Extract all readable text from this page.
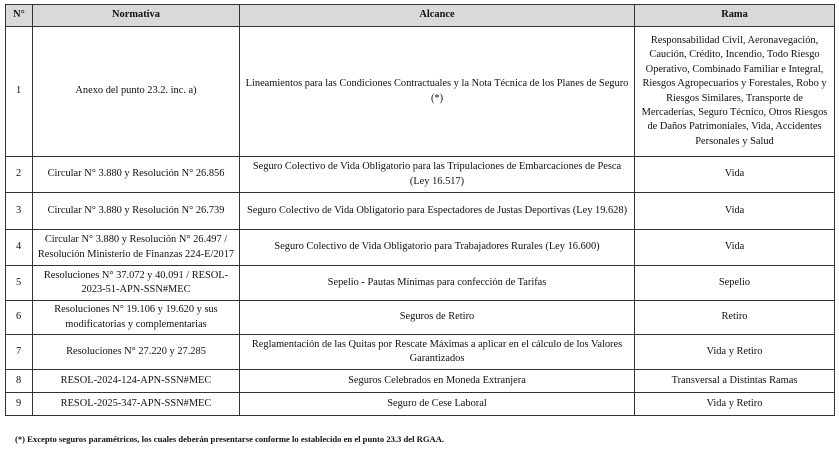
N°	Normativa	Alcance	Rama
1	Anexo del punto 23.2. inc. a)	Lineamientos para las Condiciones Contractuales y la Nota Técnica de los Planes de Seguro (*)	Responsabilidad Civil, Aeronavegación, Caución, Crédito, Incendio, Todo Riesgo Operativo, Combinado Familiar e Integral, Riesgos Agropecuarios y Forestales, Robo y Riesgos Similares, Transporte de Mercaderías, Seguro Técnico, Otros Riesgos de Daños Patrimoniales, Vida, Accidentes Personales y Salud
2	Circular N° 3.880 y Resolución N° 26.856	Seguro Colectivo de Vida Obligatorio para las Tripulaciones de Embarcaciones de Pesca (Ley 16.517)	Vida
3	Circular N° 3.880 y Resolución N° 26.739	Seguro Colectivo de Vida Obligatorio para Espectadores de Justas Deportivas (Ley 19.628)	Vida
4	Circular N° 3.880 y Resolución N° 26.497 / Resolución Ministerio de Finanzas 224-E/2017	Seguro Colectivo de Vida Obligatorio para Trabajadores Rurales (Ley 16.600)	Vida
5	Resoluciones N° 37.072 y 40.091 / RESOL-2023-51-APN-SSN#MEC	Sepelio - Pautas Mínimas para confección de Tarifas	Sepelio
6	Resoluciones N° 19.106 y 19.620 y sus modificatorias y complementarias	Seguros de Retiro	Retiro
7	Resoluciones N° 27.220 y 27.285	Reglamentación de las Quitas por Rescate Máximas a aplicar en el cálculo de los Valores Garantizados	Vida y Retiro
8	RESOL-2024-124-APN-SSN#MEC	Seguros Celebrados en Moneda Extranjera	Transversal a Distintas Ramas
9	RESOL-2025-347-APN-SSN#MEC	Seguro de Cese Laboral	Vida y Retiro
(*) Excepto seguros paramétricos, los cuales deberán presentarse conforme lo establecido en el punto 23.3 del RGAA.
